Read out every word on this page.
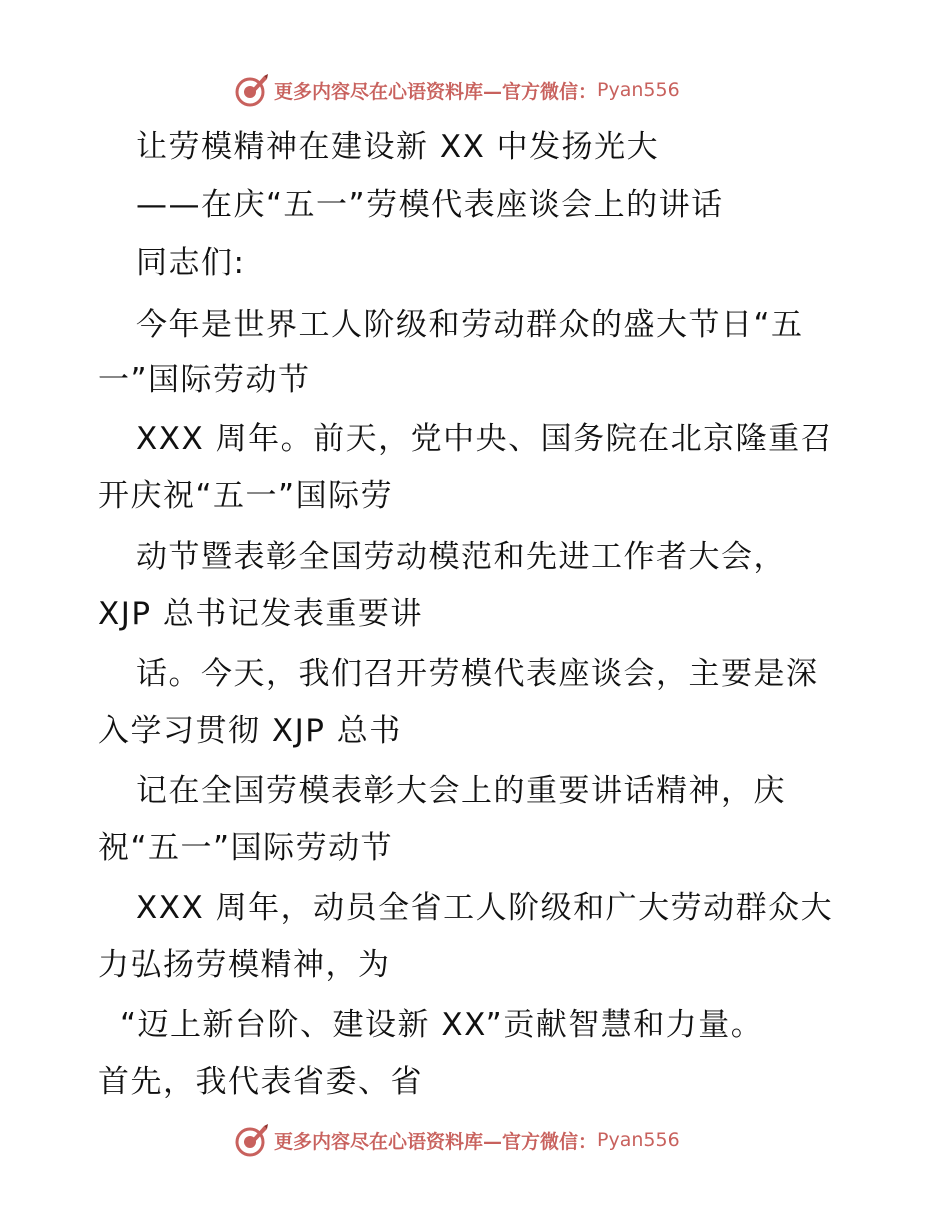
更多内容尽在心语资料库—官方微信： Pyan556
让劳模精神在建设新 XX 中发扬光大
——在庆“五一”劳模代表座谈会上的讲话
同志们:
今年是世界工人阶级和劳动群众的盛大节日“五
一”国际劳动节
XXX 周年。前天，党中央、国务院在北京隆重召
开庆祝“五一”国际劳
动节暨表彰全国劳动模范和先进工作者大会，
XJP 总书记发表重要讲
话。今天，我们召开劳模代表座谈会，主要是深
入学习贯彻 XJP 总书
记在全国劳模表彰大会上的重要讲话精神，庆
祝“五一”国际劳动节
XXX 周年，动员全省工人阶级和广大劳动群众大
力弘扬劳模精神，为
“迈上新台阶、建设新 XX”贡献智慧和力量。
首先，我代表省委、省
更多内容尽在心语资料库—官方微信： Pyan556
